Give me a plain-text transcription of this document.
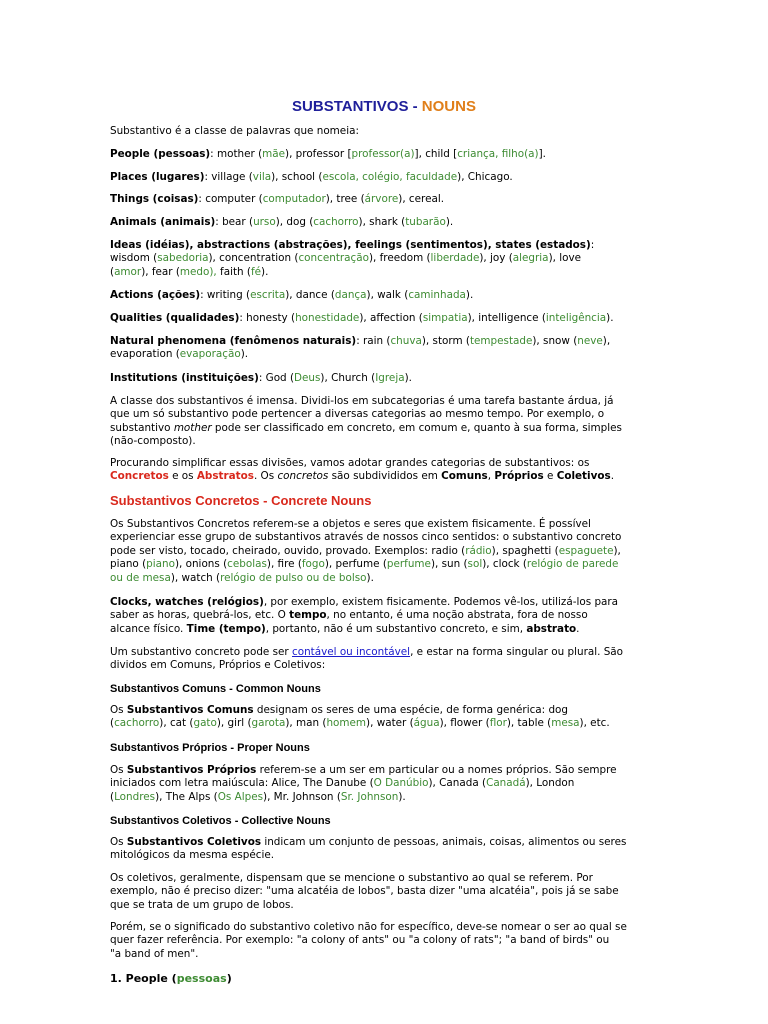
SUBSTANTIVOS - NOUNS
Substantivo é a classe de palavras que nomeia:
People (pessoas): mother (mãe), professor [professor(a)], child [criança, filho(a)].
Places (lugares): village (vila), school (escola, colégio, faculdade), Chicago.
Things (coisas): computer (computador), tree (árvore), cereal.
Animals (animais): bear (urso), dog (cachorro), shark (tubarão).
Ideas (idéias), abstractions (abstrações), feelings (sentimentos), states (estados):
wisdom (sabedoria), concentration (concentração), freedom (liberdade), joy (alegria), love
(amor), fear (medo), faith (fé).
Actions (ações): writing (escrita), dance (dança), walk (caminhada).
Qualities (qualidades): honesty (honestidade), affection (simpatia), intelligence (inteligência).
Natural phenomena (fenômenos naturais): rain (chuva), storm (tempestade), snow (neve),
evaporation (evaporação).
Institutions (instituições): God (Deus), Church (Igreja).
A classe dos substantivos é imensa. Dividi-los em subcategorias é uma tarefa bastante árdua, já
que um só substantivo pode pertencer a diversas categorias ao mesmo tempo. Por exemplo, o
substantivo mother pode ser classificado em concreto, em comum e, quanto à sua forma, simples
(não-composto).
Procurando simplificar essas divisões, vamos adotar grandes categorias de substantivos: os
Concretos e os Abstratos. Os concretos são subdivididos em Comuns, Próprios e Coletivos.
Substantivos Concretos - Concrete Nouns
Os Substantivos Concretos referem-se a objetos e seres que existem fisicamente. É possível
experienciar esse grupo de substantivos através de nossos cinco sentidos: o substantivo concreto
pode ser visto, tocado, cheirado, ouvido, provado. Exemplos: radio (rádio), spaghetti (espaguete),
piano (piano), onions (cebolas), fire (fogo), perfume (perfume), sun (sol), clock (relógio de parede
ou de mesa), watch (relógio de pulso ou de bolso).
Clocks, watches (relógios), por exemplo, existem fisicamente. Podemos vê-los, utilizá-los para
saber as horas, quebrá-los, etc. O tempo, no entanto, é uma noção abstrata, fora de nosso
alcance físico. Time (tempo), portanto, não é um substantivo concreto, e sim, abstrato.
Um substantivo concreto pode ser contável ou incontável, e estar na forma singular ou plural. São
dividos em Comuns, Próprios e Coletivos:
Substantivos Comuns - Common Nouns
Os Substantivos Comuns designam os seres de uma espécie, de forma genérica: dog
(cachorro), cat (gato), girl (garota), man (homem), water (água), flower (flor), table (mesa), etc.
Substantivos Próprios - Proper Nouns
Os Substantivos Próprios referem-se a um ser em particular ou a nomes próprios. São sempre
iniciados com letra maiúscula: Alice, The Danube (O Danúbio), Canada (Canadá), London
(Londres), The Alps (Os Alpes), Mr. Johnson (Sr. Johnson).
Substantivos Coletivos - Collective Nouns
Os Substantivos Coletivos indicam um conjunto de pessoas, animais, coisas, alimentos ou seres
mitológicos da mesma espécie.
Os coletivos, geralmente, dispensam que se mencione o substantivo ao qual se referem. Por
exemplo, não é preciso dizer: "uma alcatéia de lobos", basta dizer "uma alcatéia", pois já se sabe
que se trata de um grupo de lobos.
Porém, se o significado do substantivo coletivo não for específico, deve-se nomear o ser ao qual se
quer fazer referência. Por exemplo: "a colony of ants" ou "a colony of rats"; "a band of birds" ou
"a band of men".
1. People (pessoas)
